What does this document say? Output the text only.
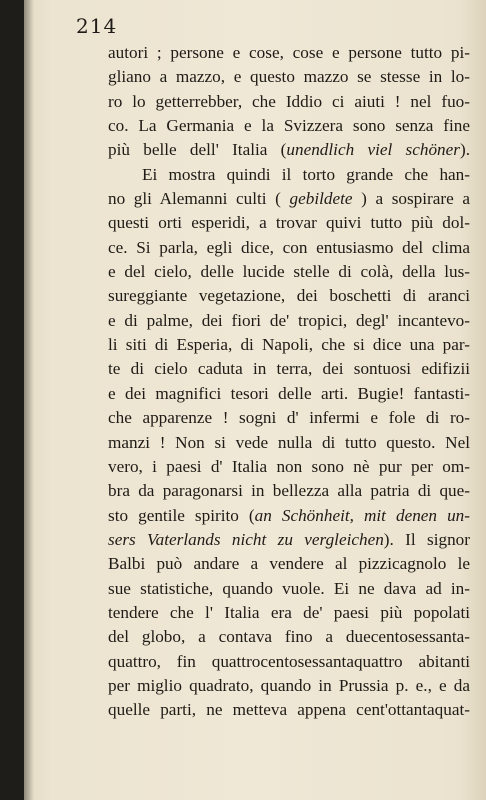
214
autori ; persone e cose, cose e persone tutto pi-
gliano a mazzo, e questo mazzo se stesse in lo-
ro lo getterrebber, che Iddio ci aiuti ! nel fuo-
co. La Germania e la Svizzera sono senza fine
più belle dell' Italia (unendlich viel schöner).
Ei mostra quindi il torto grande che han-
no gli Alemanni culti ( gebildete ) a sospirare a
questi orti esperidi, a trovar quivi tutto più dol-
ce. Si parla, egli dice, con entusiasmo del clima
e del cielo, delle lucide stelle di colà, della lus-
sureggiante vegetazione, dei boschetti di aranci
e di palme, dei fiori de' tropici, degl' incantevo-
li siti di Esperia, di Napoli, che si dice una par-
te di cielo caduta in terra, dei sontuosi edifizii
e dei magnifici tesori delle arti. Bugie! fantasti-
che apparenze ! sogni d' infermi e fole di ro-
manzi ! Non si vede nulla di tutto questo. Nel
vero, i paesi d' Italia non sono nè pur per om-
bra da paragonarsi in bellezza alla patria di que-
sto gentile spirito (an Schönheit, mit denen un-
sers Vaterlands nicht zu vergleichen). Il signor
Balbi può andare a vendere al pizzicagnolo le
sue statistiche, quando vuole. Ei ne dava ad in-
tendere che l' Italia era de' paesi più popolati
del globo, a contava fino a duecentosessanta-
quattro, fin quattrocentosessantaquattro abitanti
per miglio quadrato, quando in Prussia p. e., e da
quelle parti, ne metteva appena cent'ottantaquat-
